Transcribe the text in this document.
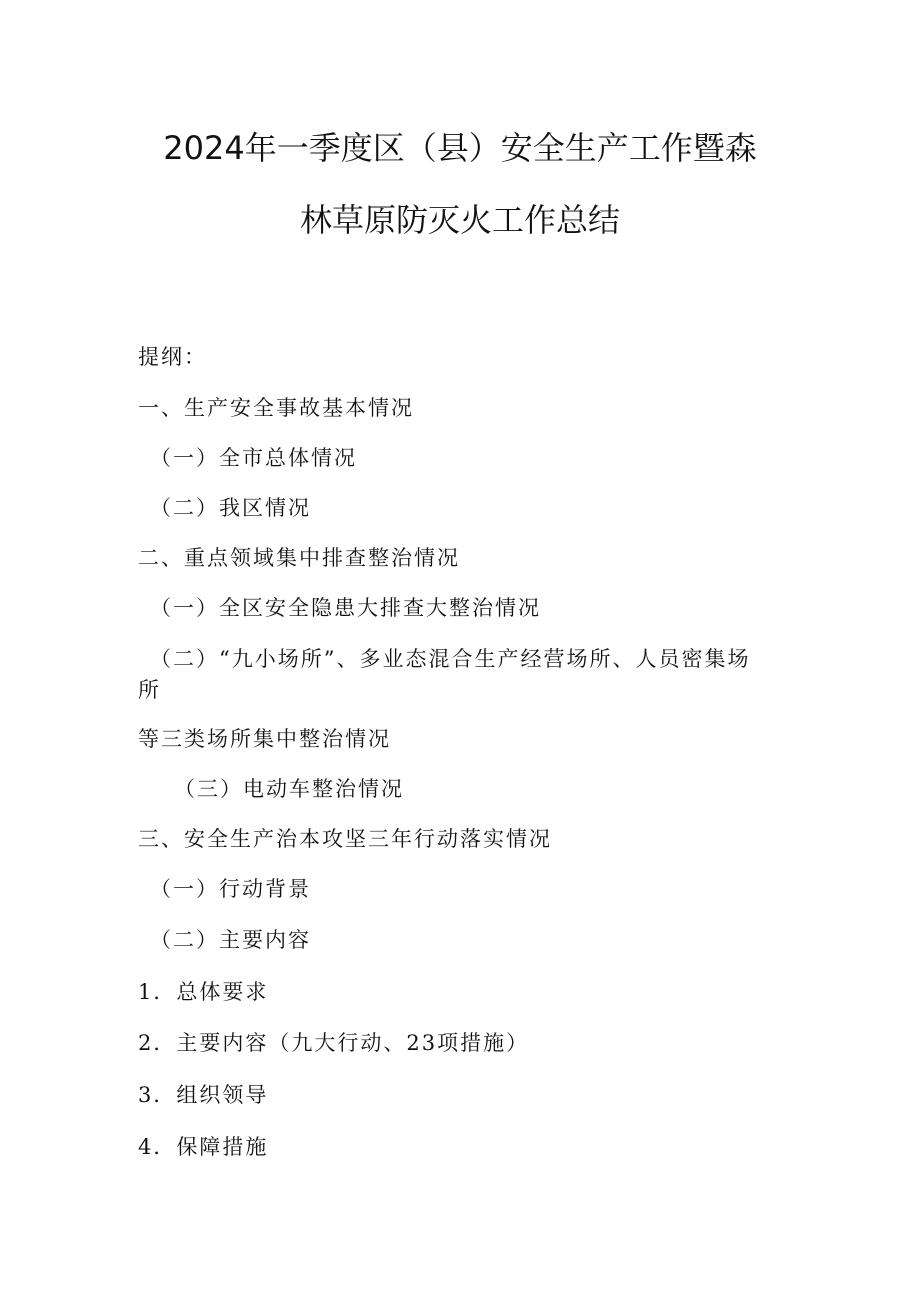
2024年一季度区（县）安全生产工作暨森
林草原防灭火工作总结
提纲：
一、生产安全事故基本情况
（一）全市总体情况
（二）我区情况
二、重点领域集中排查整治情况
（一）全区安全隐患大排查大整治情况
（二）“九小场所”、多业态混合生产经营场所、人员密集场
所
等三类场所集中整治情况
（三）电动车整治情况
三、安全生产治本攻坚三年行动落实情况
（一）行动背景
（二）主要内容
1．总体要求
2．主要内容（九大行动、23项措施）
3．组织领导
4．保障措施
